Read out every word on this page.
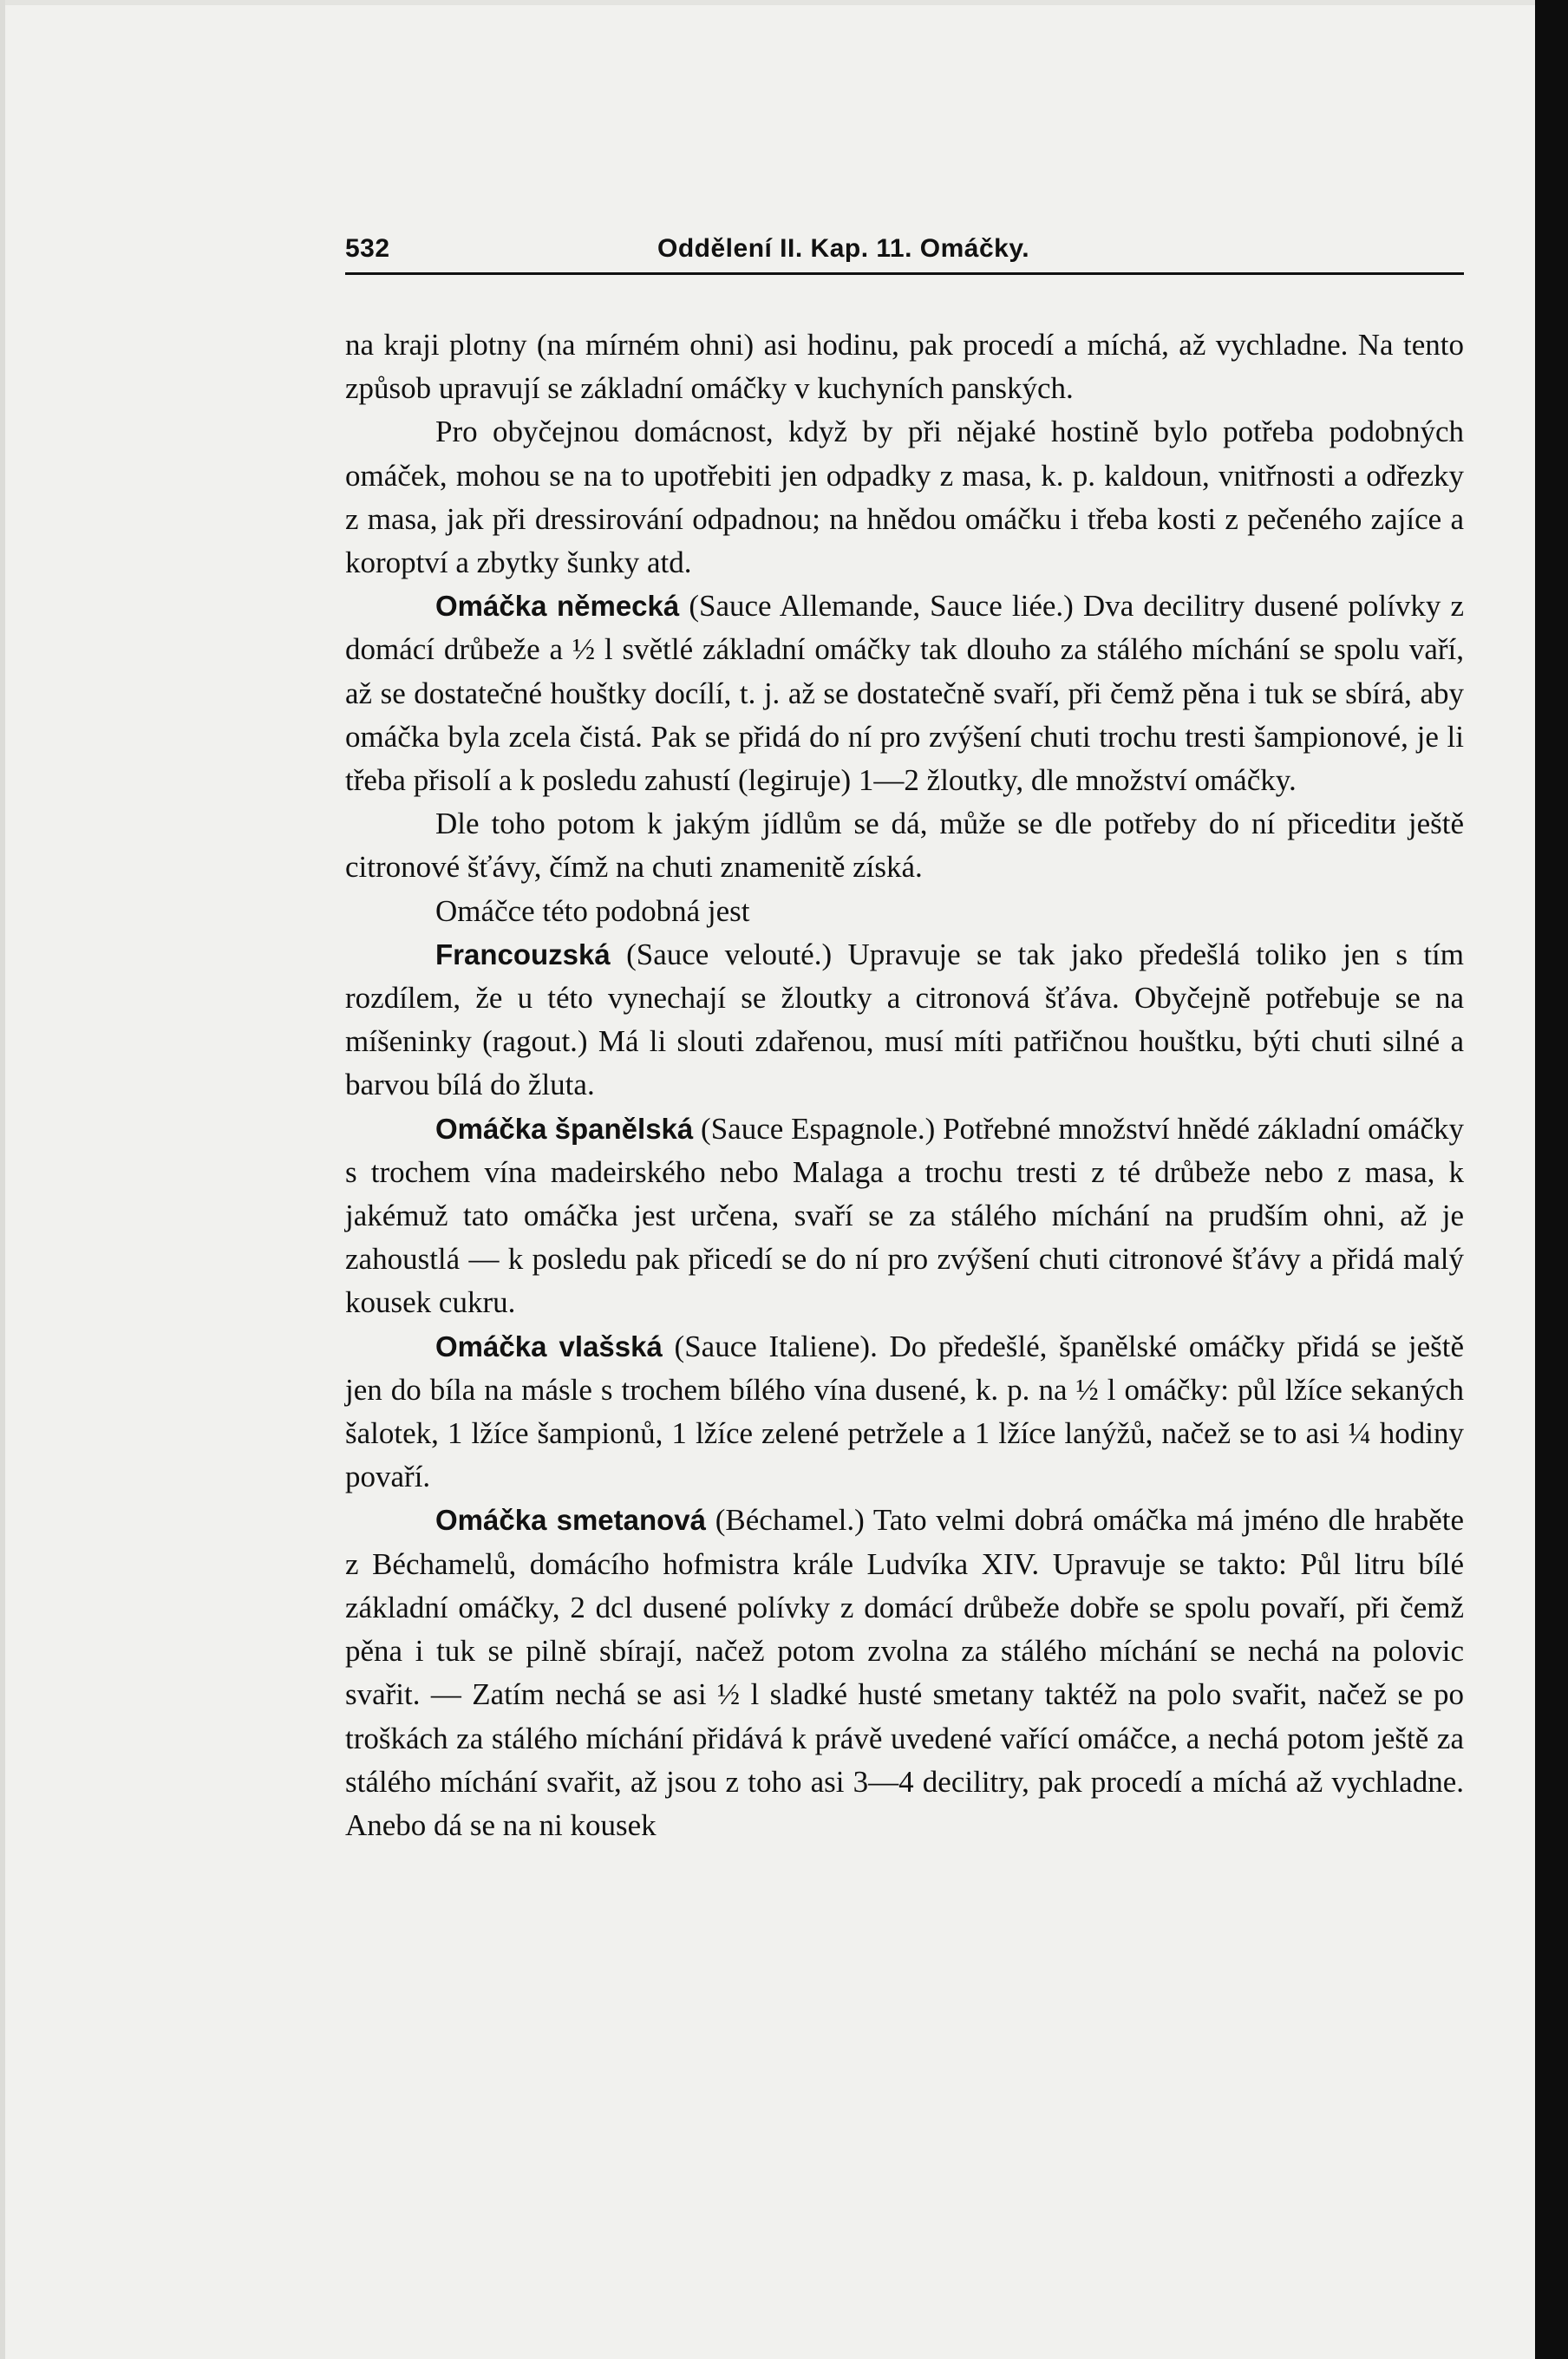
532	Oddělení II. Kap. 11. Omáčky.

na kraji plotny (na mírném ohni) asi hodinu, pak procedí a míchá, až vychladne. Na tento způsob upravují se základní omáčky v kuchyních panských.

Pro obyčejnou domácnost, když by při nějaké hostině bylo potřeba podobných omáček, mohou se na to upotřebiti jen odpadky z masa, k. p. kaldoun, vnitřnosti a odřezky z masa, jak při dressirování odpadnou; na hnědou omáčku i třeba kosti z pečeného zajíce a koroptví a zbytky šunky atd.

Omáčka německá (Sauce Allemande, Sauce liée.) Dva decilitry dusené polívky z domácí drůbeže a ½ l světlé základní omáčky tak dlouho za stálého míchání se spolu vaří, až se dostatečné houštky docílí, t. j. až se dostatečně svaří, při čemž pěna i tuk se sbírá, aby omáčka byla zcela čistá. Pak se přidá do ní pro zvýšení chuti trochu tresti šampionové, je li třeba přisolí a k posledu zahustí (legiruje) 1—2 žloutky, dle množství omáčky.

Dle toho potom k jakým jídlům se dá, může se dle potřeby do ní přiceditи ještě citronové šťávy, čímž na chuti znamenitě získá.

Omáčce této podobná jest

Francouzská (Sauce velouté.) Upravuje se tak jako předešlá toliko jen s tím rozdílem, že u této vynechají se žloutky a citronová šťáva. Obyčejně potřebuje se na míšeninky (ragout.) Má li slouti zdařenou, musí míti patřičnou houštku, býti chuti silné a barvou bílá do žluta.

Omáčka španělská (Sauce Espagnole.) Potřebné množství hnědé základní omáčky s trochem vína madeirského nebo Malaga a trochu tresti z té drůbeže nebo z masa, k jakémuž tato omáčka jest určena, svaří se za stálého míchání na prudším ohni, až je zahoustlá — k posledu pak přicedí se do ní pro zvýšení chuti citronové šťávy a přidá malý kousek cukru.

Omáčka vlašská (Sauce Italiene). Do předešlé, španělské omáčky přidá se ještě jen do bíla na másle s trochem bílého vína dusené, k. p. na ½ l omáčky: půl lžíce sekaných šalotek, 1 lžíce šampionů, 1 lžíce zelené petržele a 1 lžíce lanýžů, načež se to asi ¼ hodiny povaří.

Omáčka smetanová (Béchamel.) Tato velmi dobrá omáčka má jméno dle hraběte z Béchamelů, domácího hofmistra krále Ludvíka XIV. Upravuje se takto: Půl litru bílé základní omáčky, 2 dcl dusené polívky z domácí drůbeže dobře se spolu povaří, při čemž pěna i tuk se pilně sbírají, načež potom zvolna za stálého míchání se nechá na polovic svařit. — Zatím nechá se asi ½ l sladké husté smetany taktéž na polo svařit, načež se po troškách za stálého míchání přidává k právě uvedené vařící omáčce, a nechá potom ještě za stálého míchání svařit, až jsou z toho asi 3—4 decilitry, pak procedí a míchá až vychladne. Anebo dá se na ni kousek
